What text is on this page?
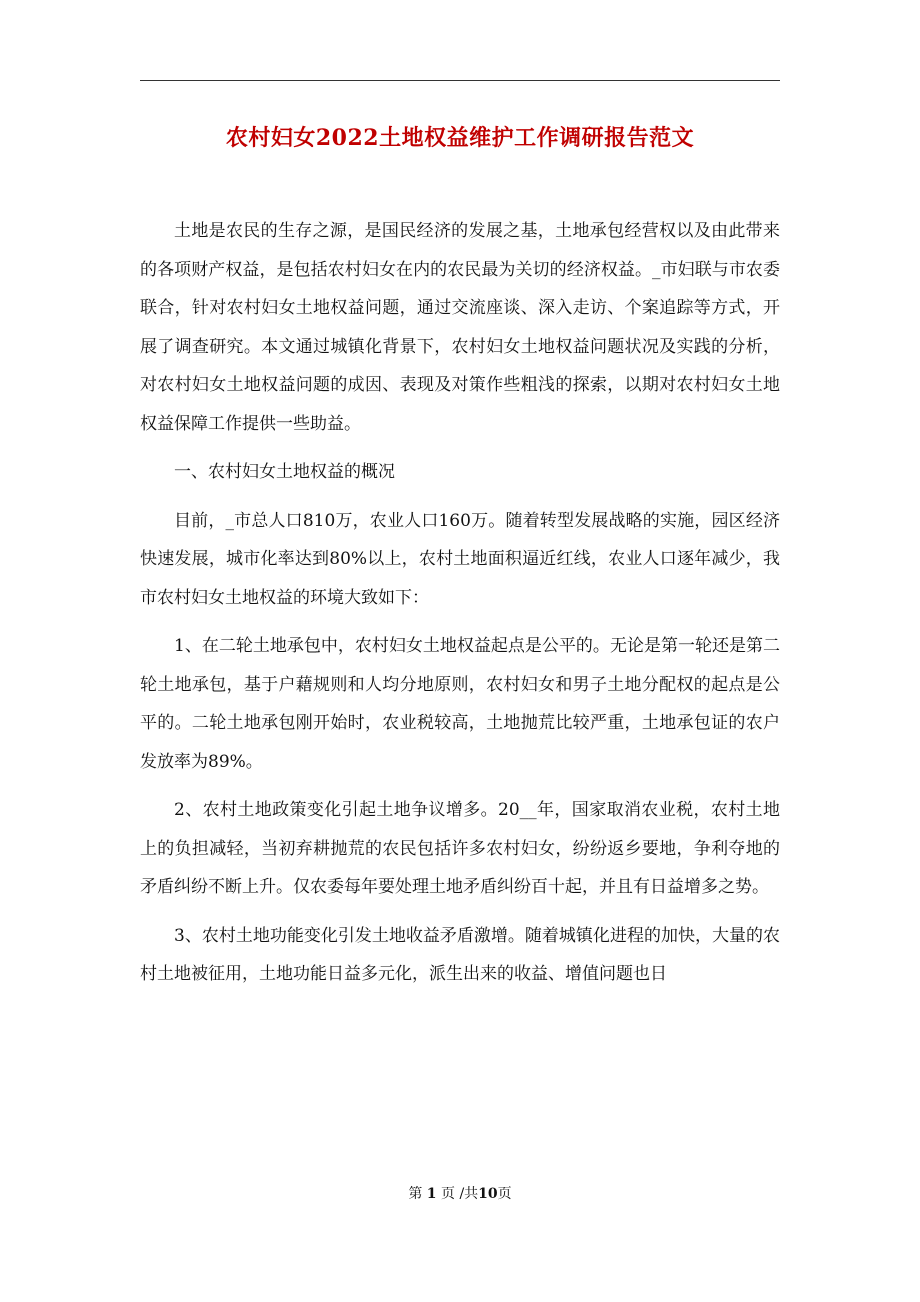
农村妇女2022土地权益维护工作调研报告范文

土地是农民的生存之源，是国民经济的发展之基，土地承包经营权以及由此带来的各项财产权益，是包括农村妇女在内的农民最为关切的经济权益。_市妇联与市农委联合，针对农村妇女土地权益问题，通过交流座谈、深入走访、个案追踪等方式，开展了调查研究。本文通过城镇化背景下，农村妇女土地权益问题状况及实践的分析，对农村妇女土地权益问题的成因、表现及对策作些粗浅的探索，以期对农村妇女土地权益保障工作提供一些助益。

一、农村妇女土地权益的概况

目前，_市总人口810万，农业人口160万。随着转型发展战略的实施，园区经济快速发展，城市化率达到80%以上，农村土地面积逼近红线，农业人口逐年减少，我市农村妇女土地权益的环境大致如下：

1、在二轮土地承包中，农村妇女土地权益起点是公平的。无论是第一轮还是第二轮土地承包，基于户藉规则和人均分地原则，农村妇女和男子土地分配权的起点是公平的。二轮土地承包刚开始时，农业税较高，土地抛荒比较严重，土地承包证的农户发放率为89%。

2、农村土地政策变化引起土地争议增多。20__年，国家取消农业税，农村土地上的负担减轻，当初弃耕抛荒的农民包括许多农村妇女，纷纷返乡要地，争利夺地的矛盾纠纷不断上升。仅农委每年要处理土地矛盾纠纷百十起，并且有日益增多之势。

3、农村土地功能变化引发土地收益矛盾激增。随着城镇化进程的加快，大量的农村土地被征用，土地功能日益多元化，派生出来的收益、增值问题也日

第 1 页 /共10页
